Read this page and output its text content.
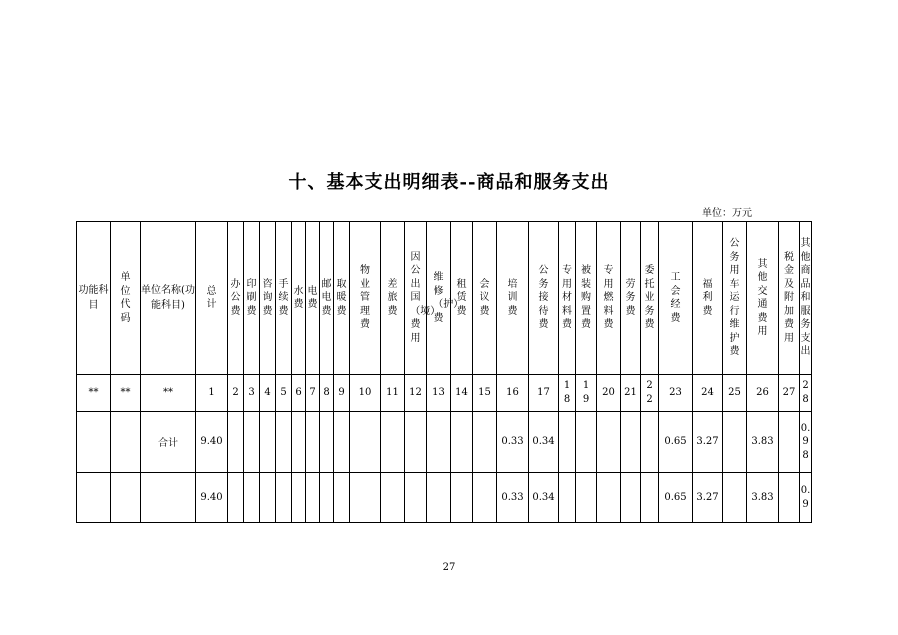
十、基本支出明细表--商品和服务支出
单位：万元
功能科目	单位代码	单位名称(功能科目)	总计	办公费	印刷费	咨询费	手续费	水费	电费	邮电费	取暖费	物业管理费	差旅费	因公出国（境）费用	维修（护）费	租赁费	会议费	培训费	公务接待费	专用材料费	被装购置费	专用燃料费	劳务费	委托业务费	工会经费	福利费	公务用车运行维护费	其他交通费用	税金及附加费用	其他商品和服务支出
**	**	**	1	2	3	4	5	6	7	8	9	10	11	12	13	14	15	16	17	18	19	20	21	22	23	24	25	26	27	28
		合计	9.40															0.33	0.34						0.65	3.27		3.83		0.98
			9.40															0.33	0.34						0.65	3.27		3.83		0.9
27
